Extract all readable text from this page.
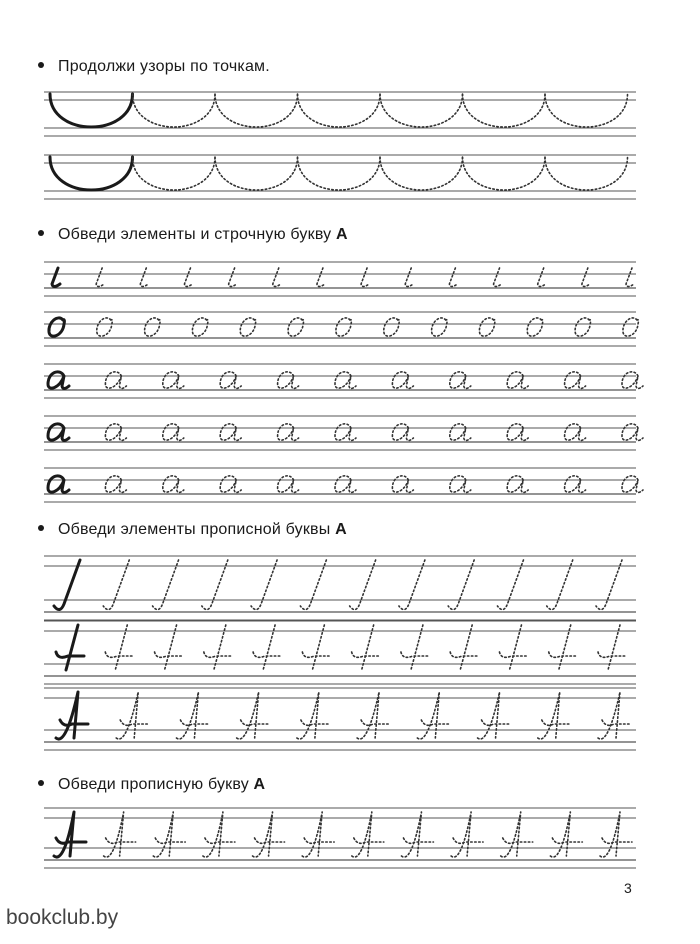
Продолжи узоры по точкам.
Обведи элементы и строчную букву А
Обведи элементы прописной буквы А
Обведи прописную букву А
3
bookclub.by
